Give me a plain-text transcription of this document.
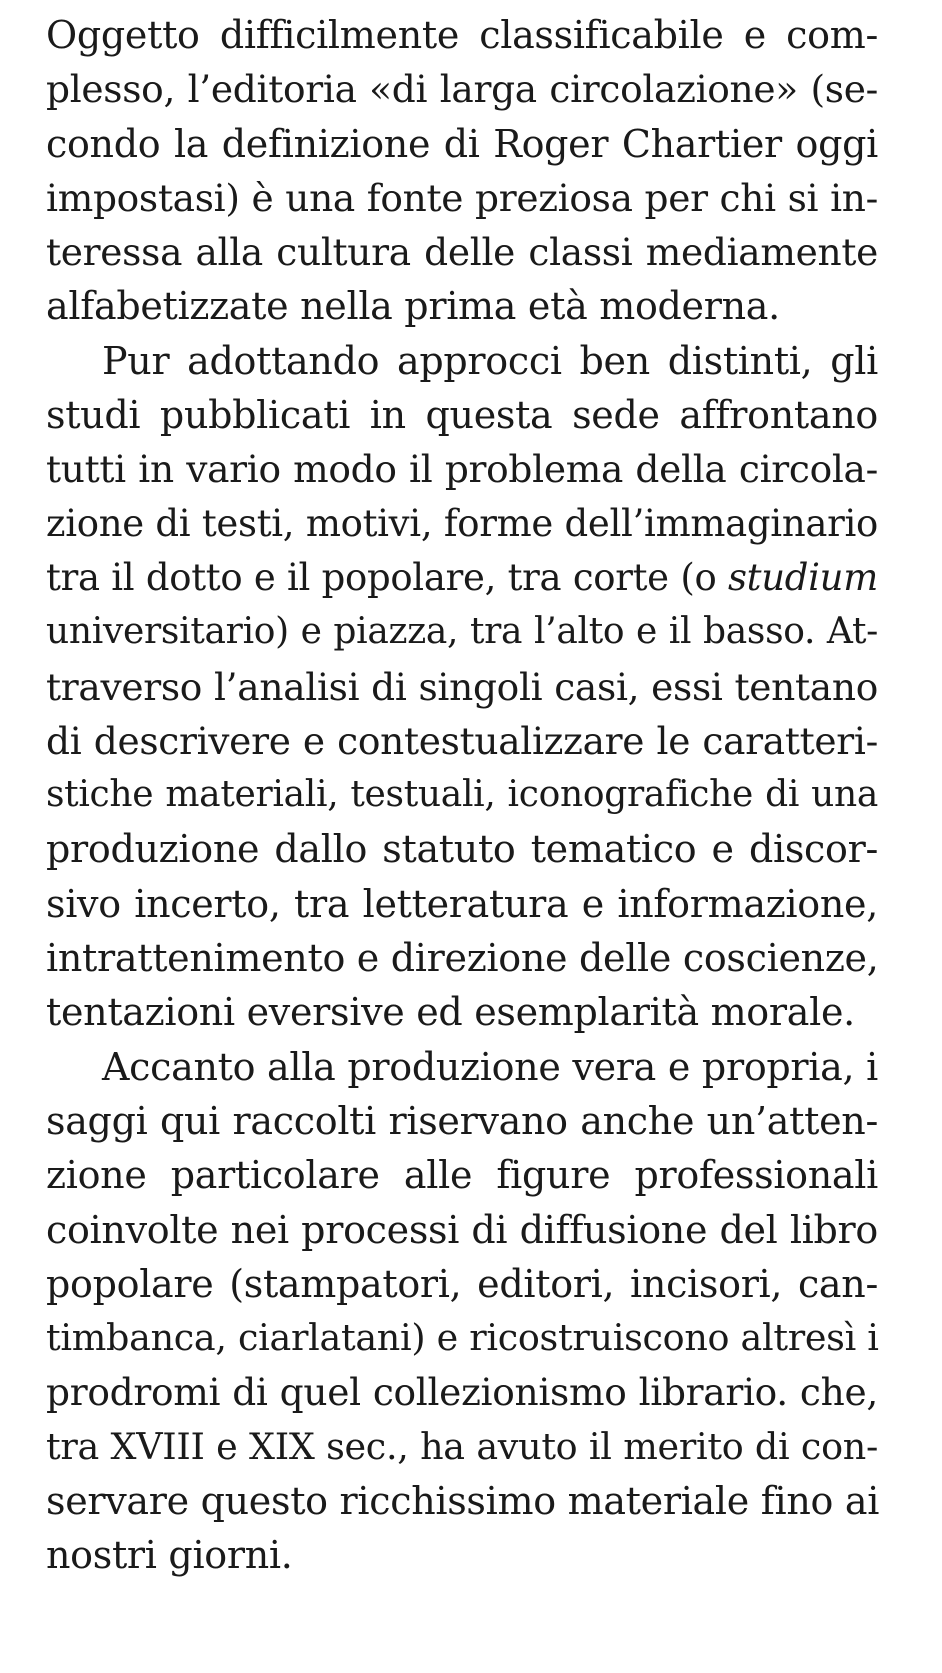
Oggetto difficilmente classificabile e com-
plesso, l’editoria «di larga circolazione» (se-
condo la definizione di Roger Chartier oggi
impostasi) è una fonte preziosa per chi si in-
teressa alla cultura delle classi mediamente
alfabetizzate nella prima età moderna.
Pur adottando approcci ben distinti, gli
studi pubblicati in questa sede affrontano
tutti in vario modo il problema della circola-
zione di testi, motivi, forme dell’immaginario
tra il dotto e il popolare, tra corte (o studium
universitario) e piazza, tra l’alto e il basso. At-
traverso l’analisi di singoli casi, essi tentano
di descrivere e contestualizzare le caratteri-
stiche materiali, testuali, iconografiche di una
produzione dallo statuto tematico e discor-
sivo incerto, tra letteratura e informazione,
intrattenimento e direzione delle coscienze,
tentazioni eversive ed esemplarità morale.
Accanto alla produzione vera e propria, i
saggi qui raccolti riservano anche un’atten-
zione particolare alle figure professionali
coinvolte nei processi di diffusione del libro
popolare (stampatori, editori, incisori, can-
timbanca, ciarlatani) e ricostruiscono altresì i
prodromi di quel collezionismo librario. che,
tra XVIII e XIX sec., ha avuto il merito di con-
servare questo ricchissimo materiale fino ai
nostri giorni.
